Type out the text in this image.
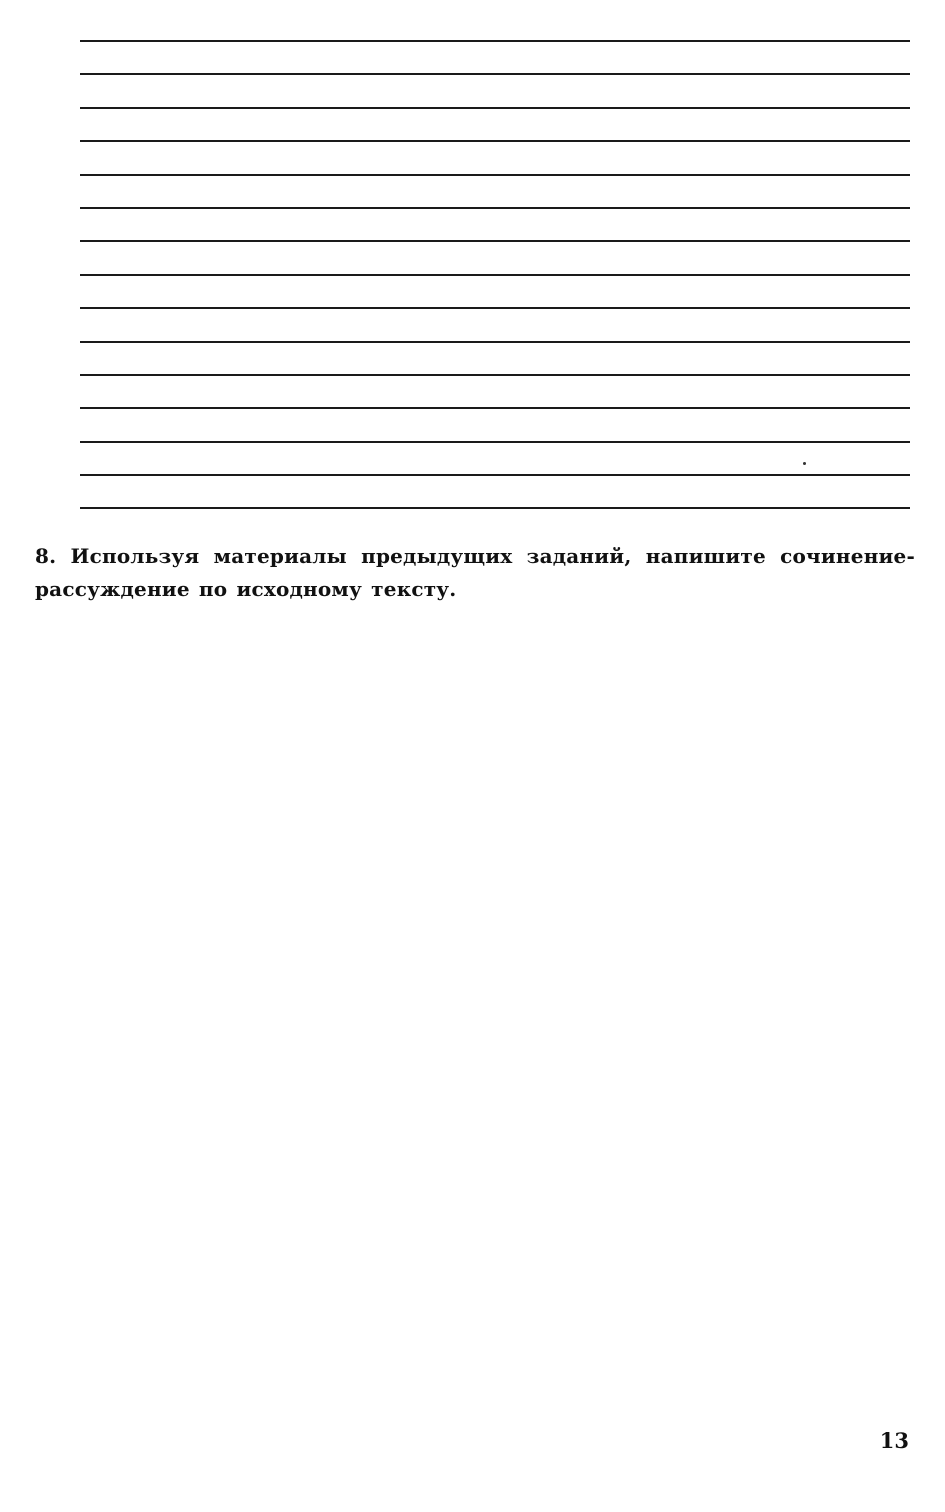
8. Используя материалы предыдущих заданий, напишите сочинение-
рассуждение по исходному тексту.
13
